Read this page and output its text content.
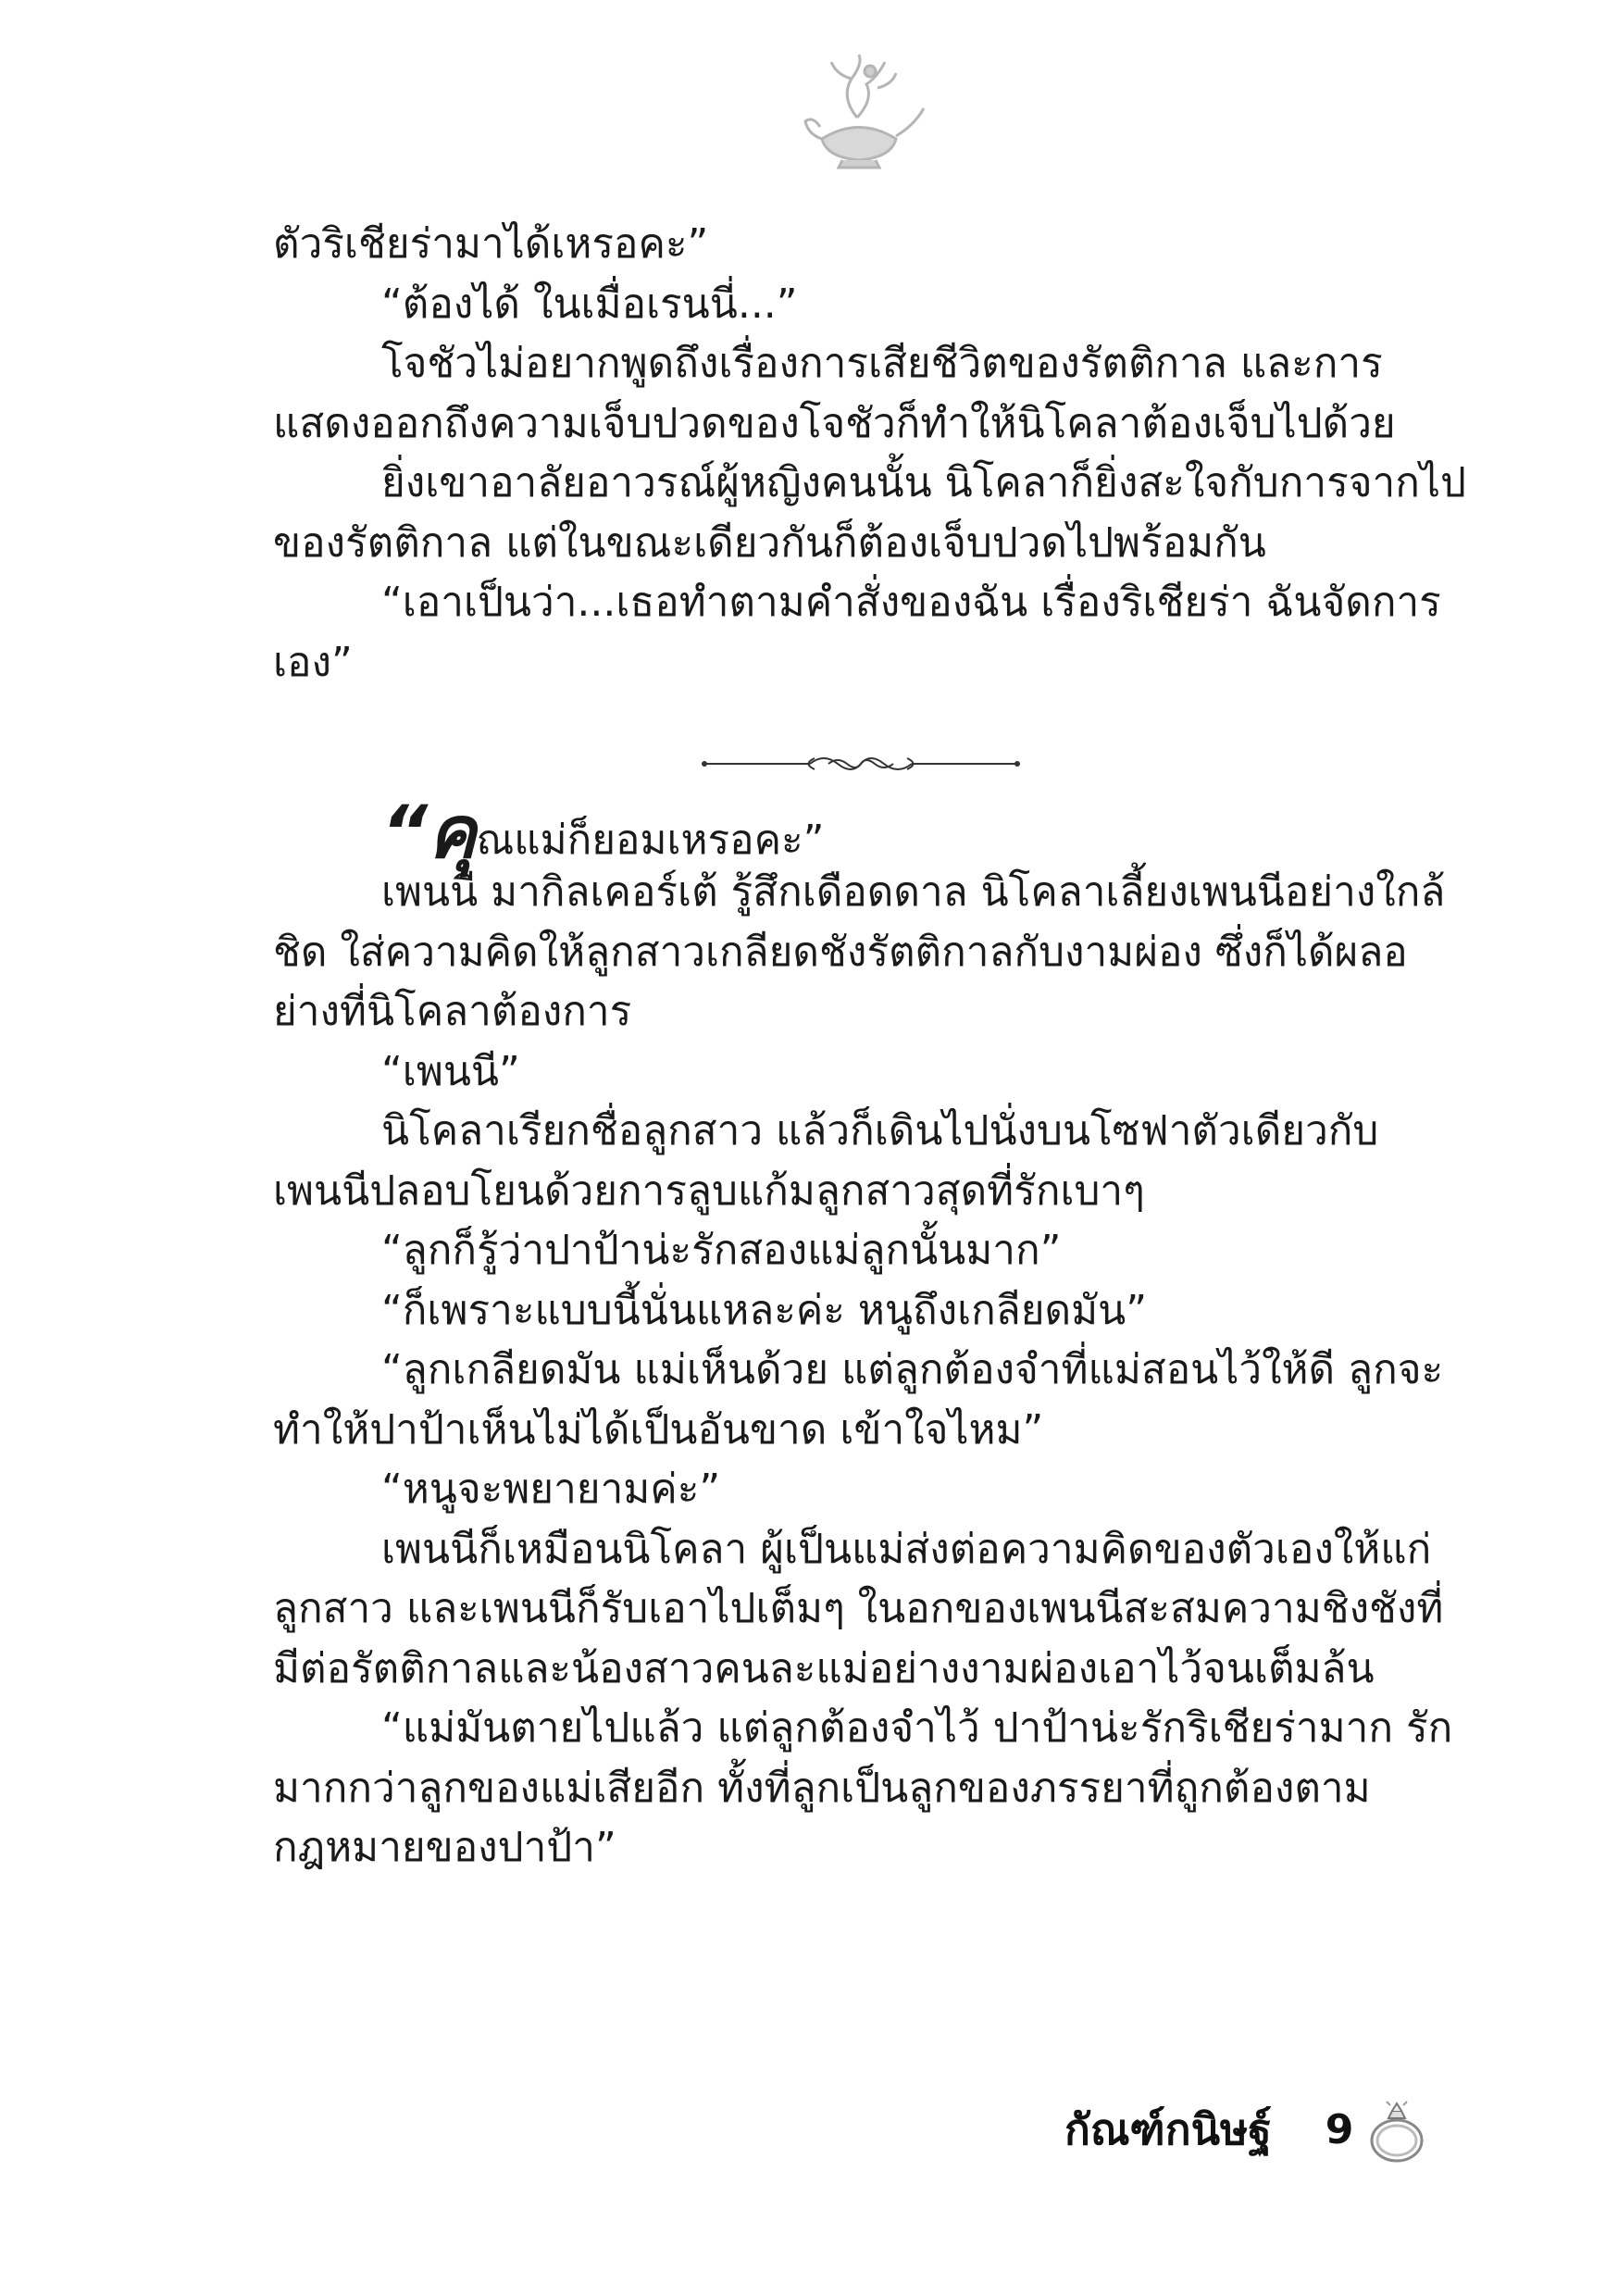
ตัวริเชียร่ามาได้เหรอคะ”

“ต้องได้ ในเมื่อเรนนี่...”

โจชัวไม่อยากพูดถึงเรื่องการเสียชีวิตของรัตติกาล และการแสดงออกถึงความเจ็บปวดของโจชัวก็ทำให้นิโคลาต้องเจ็บไปด้วย

ยิ่งเขาอาลัยอาวรณ์ผู้หญิงคนนั้น นิโคลาก็ยิ่งสะใจกับการจากไปของรัตติกาล แต่ในขณะเดียวกันก็ต้องเจ็บปวดไปพร้อมกัน

“เอาเป็นว่า...เธอทำตามคำสั่งของฉัน เรื่องริเชียร่า ฉันจัดการเอง”

“คุณแม่ก็ยอมเหรอคะ”

เพนนี มากิลเคอร์เต้ รู้สึกเดือดดาล นิโคลาเลี้ยงเพนนีอย่างใกล้ชิด ใส่ความคิดให้ลูกสาวเกลียดชังรัตติกาลกับงามผ่อง ซึ่งก็ได้ผลอย่างที่นิโคลาต้องการ

“เพนนี”

นิโคลาเรียกชื่อลูกสาว แล้วก็เดินไปนั่งบนโซฟาตัวเดียวกับเพนนีปลอบโยนด้วยการลูบแก้มลูกสาวสุดที่รักเบาๆ

“ลูกก็รู้ว่าปาป้าน่ะรักสองแม่ลูกนั้นมาก”

“ก็เพราะแบบนี้นั่นแหละค่ะ หนูถึงเกลียดมัน”

“ลูกเกลียดมัน แม่เห็นด้วย แต่ลูกต้องจำที่แม่สอนไว้ให้ดี ลูกจะทำให้ปาป้าเห็นไม่ได้เป็นอันขาด เข้าใจไหม”

“หนูจะพยายามค่ะ”

เพนนีก็เหมือนนิโคลา ผู้เป็นแม่ส่งต่อความคิดของตัวเองให้แก่ลูกสาว และเพนนีก็รับเอาไปเต็มๆ ในอกของเพนนีสะสมความชิงชังที่มีต่อรัตติกาลและน้องสาวคนละแม่อย่างงามผ่องเอาไว้จนเต็มล้น

“แม่มันตายไปแล้ว แต่ลูกต้องจำไว้ ปาป้าน่ะรักริเชียร่ามาก รักมากกว่าลูกของแม่เสียอีก ทั้งที่ลูกเป็นลูกของภรรยาที่ถูกต้องตามกฎหมายของปาป้า”

กัณฑ์กนิษฐ์ 9
